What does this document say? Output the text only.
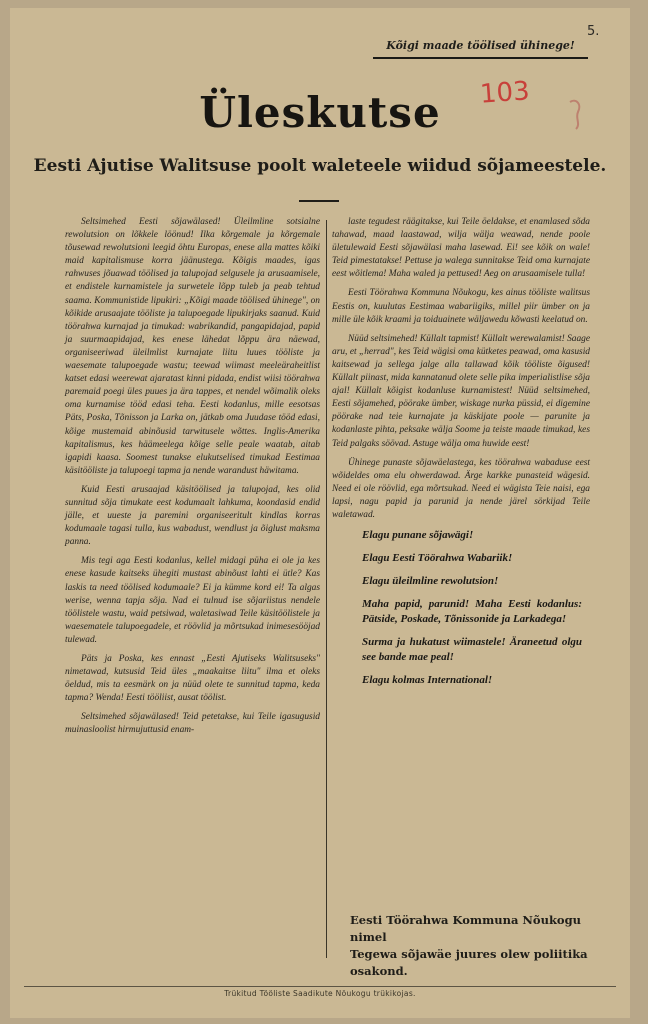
Kõigi maade töölised ühinege!
5.
103
Üleskutse
Eesti Ajutise Walitsuse poolt waleteele wiidud sõjameestele.

Seltsimehed Eesti sõjawälased! Üleilmline sotsialne rewolutsion on lõkkele löönud! Ilka kõrgemale ja kõrgemale tõusewad rewolutsioni leegid öhtu Europas, enese alla mattes kõiki maid kapitalismuse korra jäänustega. Kõigis maades, igas rahwuses jõuawad töölised ja talupojad selgusele ja arusaamisele, et endistele kurnamistele ja surwetele lõpp tuleb ja peab tehtud saama. Kommunistide lipukiri: „Kõigi maade töölised ühinege", on kõikide arusaajate tööliste ja talupoegade lipukirjaks saanud. Kuid töörahwa kurnajad ja timukad: wabrikandid, pangapidajad, papid ja suurmaapidajad, kes enese lähedat lõppu ära näewad, organiseeriwad üleilmlist kurnajate liitu luues tööliste ja waesemate talupoegade wastu; teewad wiimast meeleäraheitlist katset edasi weerewat ajaratast kinni pidada, endist wiisi töörahwa paremaid poegi üles puues ja ära tappes, et nendel wõimalik oleks oma kurnamise tööd edasi teha. Eesti kodanlus, mille eesotsas Päts, Poska, Tõnisson ja Larka on, jätkab oma Juudase tööd edasi, kõige mustemaid abinõusid tarwitusele wõttes. Inglis-Amerika kapitalismus, kes häämeelega kõige selle peale waatab, aitab igapidi kaasa. Soomest tunakse elukutselised timukad Eestimaa käsitööliste ja talupoegi tapma ja nende warandust häwitama.

Kuid Eesti arusaajad käsitöölised ja talupojad, kes olid sunnitud sõja timukate eest kodumaalt lahkuma, koondasid endid jälle, et uueste ja paremini organiseeritult kindlas korras kodumaale tagasi tulla, kus wabadust, wendlust ja õiglust maksma panna.

Mis tegi aga Eesti kodanlus, kellel midagi püha ei ole ja kes enese kasude kaitseks ühegiti mustast abinõust lahti ei ütle? Kas laskis ta need töölised kodumaale? Ei ja kümme kord ei! Ta algas werise, wenna tapja sõja. Nad ei tulnud ise sõjariistus nendele töölistele wastu, waid petsiwad, waletasiwad Teile käsitöölistele ja waesematele talupoegadele, et röövlid ja mõrtsukad inimesesööjad tulewad.

Päts ja Poska, kes ennast „Eesti Ajutiseks Walitsuseks" nimetawad, kutsusid Teid üles „maakaitse liitu" ilma et oleks öeldud, mis ta eesmärk on ja nüüd olete te sunnitud tapma, keda tapma? Wenda! Eesti tööliist, ausat töölist.

Seltsimehed sõjawälased! Teid petetakse, kui Teile igasugusid muinasloolist hirmujuttusid enam-

laste tegudest räägitakse, kui Teile öeldakse, et enamlased sõda tahawad, maad laastawad, wilja wälja weawad, nende poole ületulewaid Eesti sõjawälasi maha lasewad. Ei! see kõik on wale! Teid pimestatakse! Pettuse ja walega sunnitakse Teid oma kurnajate eest wõitlema! Maha waled ja pettused! Aeg on arusaamisele tulla!

Eesti Töörahwa Kommuna Nõukogu, kes ainus tööliste walitsus Eestis on, kuulutas Eestimaa wabariigiks, millel piir ümber on ja mille üle kõik kraami ja toiduainete wäljawedu kõwasti keelatud on.

Nüüd seltsimehed! Küllalt tapmist! Küllalt werewalamist! Saage aru, et „herrad", kes Teid wägisi oma kütketes peawad, oma kasusid kaitsewad ja sellega jalge alla tallawad kõik tööliste õigused! Küllalt piinast, mida kannatanud olete selle pika imperialistlise sõja ajal! Küllalt kõigist kodanluse kurnamistest! Nüüd seltsimehed, Eesti sõjamehed, pöörake ümber, wiskage nurka püssid, ei digemine pöörake nad teie kurnajate ja käskijate poole — parunite ja kodanlaste pihta, peksake wälja Soome ja teiste maade timukad, kes Teid palgaks söövad. Astuge wälja oma huwide eest!

Ühinege punaste sõjawäelastega, kes töörahwa wabaduse eest wõideldes oma elu ohwerdawad. Ärge karkke punasteid wägesid. Need ei ole röövlid, ega mõrtsukad. Need ei wägista Teie naisi, ega lapsi, nagu papid ja parunid ja nende järel sörkijad Teile waletawad.

Elagu punane sõjawägi!
Elagu Eesti Töörahwa Wabariik!
Elagu üleilmline rewolutsion!
Maha papid, parunid! Maha Eesti kodanlus: Pätside, Poskade, Tõnissonide ja Larkadega!
Surma ja hukatust wiimastele! Äraneetud olgu see bande mae peal!
Elagu kolmas International!
Eesti Töörahwa Kommuna Nõukogu nimel
Tegewa sõjawäe juures olew poliitika osakond.
Trükitud Tööliste Saadikute Nõukogu trükikojas.
